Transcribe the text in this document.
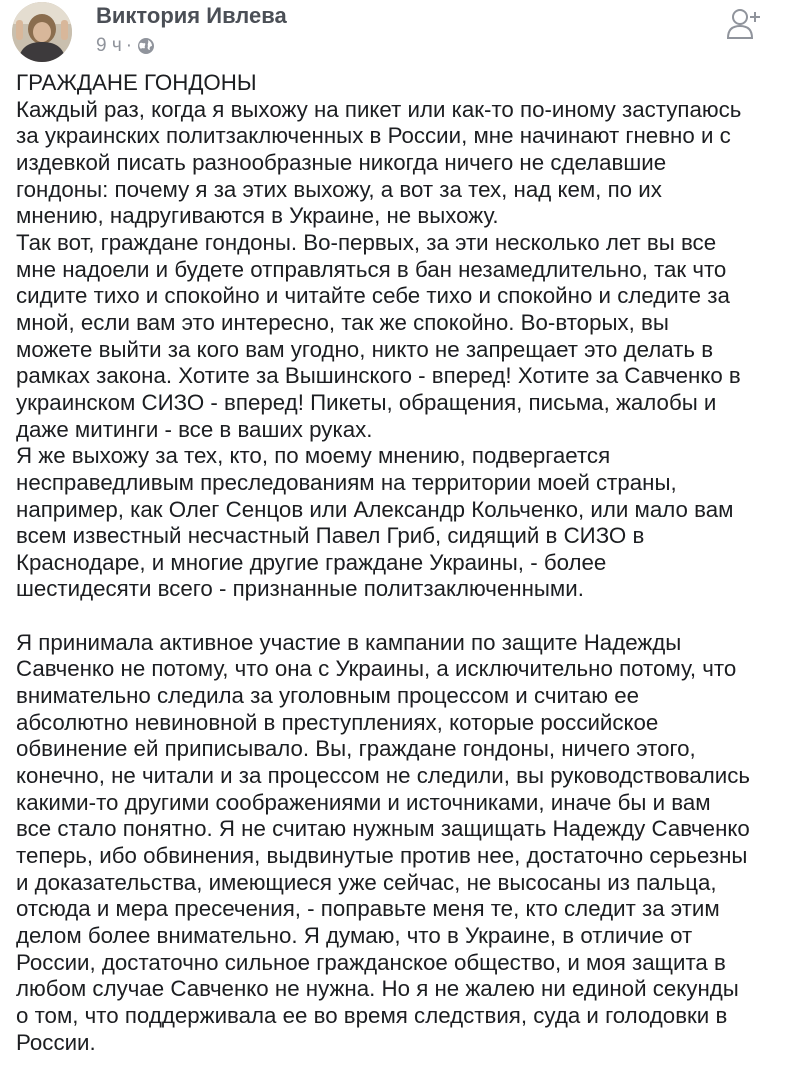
Виктория Ивлева
9 ч ·
ГРАЖДАНЕ ГОНДОНЫ
Каждый раз, когда я выхожу на пикет или как-то по-иному заступаюсь
за украинских политзаключенных в России, мне начинают гневно и с
издевкой писать разнообразные никогда ничего не сделавшие
гондоны: почему я за этих выхожу, а вот за тех, над кем, по их
мнению, надругиваются в Украине, не выхожу.
Так вот, граждане гондоны. Во-первых, за эти несколько лет вы все
мне надоели и будете отправляться в бан незамедлительно, так что
сидите тихо и спокойно и читайте себе тихо и спокойно и следите за
мной, если вам это интересно, так же спокойно. Во-вторых, вы
можете выйти за кого вам угодно, никто не запрещает это делать в
рамках закона. Хотите за Вышинского - вперед! Хотите за Савченко в
украинском СИЗО - вперед! Пикеты, обращения, письма, жалобы и
даже митинги - все в ваших руках.
Я же выхожу за тех, кто, по моему мнению, подвергается
несправедливым преследованиям на территории моей страны,
например, как Олег Сенцов или Александр Кольченко, или мало вам
всем известный несчастный Павел Гриб, сидящий в СИЗО в
Краснодаре, и многие другие граждане Украины, - более
шестидесяти всего - признанные политзаключенными.
Я принимала активное участие в кампании по защите Надежды
Савченко не потому, что она с Украины, а исключительно потому, что
внимательно следила за уголовным процессом и считаю ее
абсолютно невиновной в преступлениях, которые российское
обвинение ей приписывало. Вы, граждане гондоны, ничего этого,
конечно, не читали и за процессом не следили, вы руководствовались
какими-то другими соображениями и источниками, иначе бы и вам
все стало понятно. Я не считаю нужным защищать Надежду Савченко
теперь, ибо обвинения, выдвинутые против нее, достаточно серьезны
и доказательства, имеющиеся уже сейчас, не высосаны из пальца,
отсюда и мера пресечения, - поправьте меня те, кто следит за этим
делом более внимательно. Я думаю, что в Украине, в отличие от
России, достаточно сильное гражданское общество, и моя защита в
любом случае Савченко не нужна. Но я не жалею ни единой секунды
о том, что поддерживала ее во время следствия, суда и голодовки в
России.
